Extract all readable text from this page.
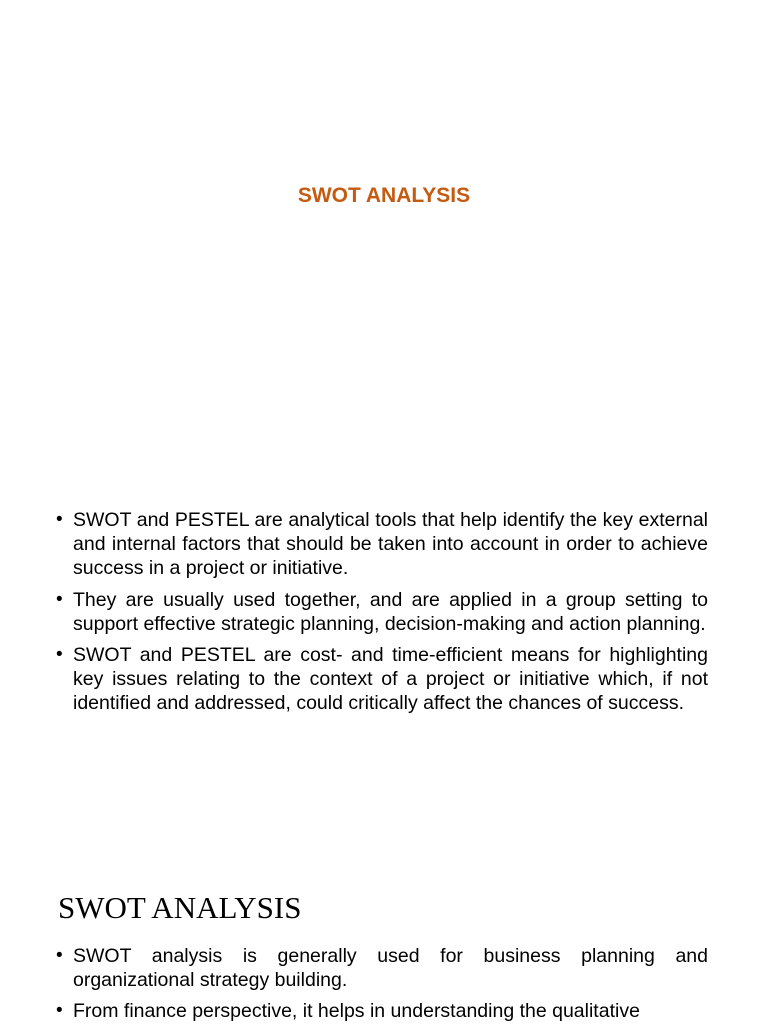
SWOT ANALYSIS
• SWOT and PESTEL are analytical tools that help identify the key external and internal factors that should be taken into account in order to achieve success in a project or initiative.
• They are usually used together, and are applied in a group setting to support effective strategic planning, decision-making and action planning.
• SWOT and PESTEL are cost- and time-efficient means for highlighting key issues relating to the context of a project or initiative which, if not identified and addressed, could critically affect the chances of success.
SWOT ANALYSIS
• SWOT analysis is generally used for business planning and organizational strategy building.
• From finance perspective, it helps in understanding the qualitative
